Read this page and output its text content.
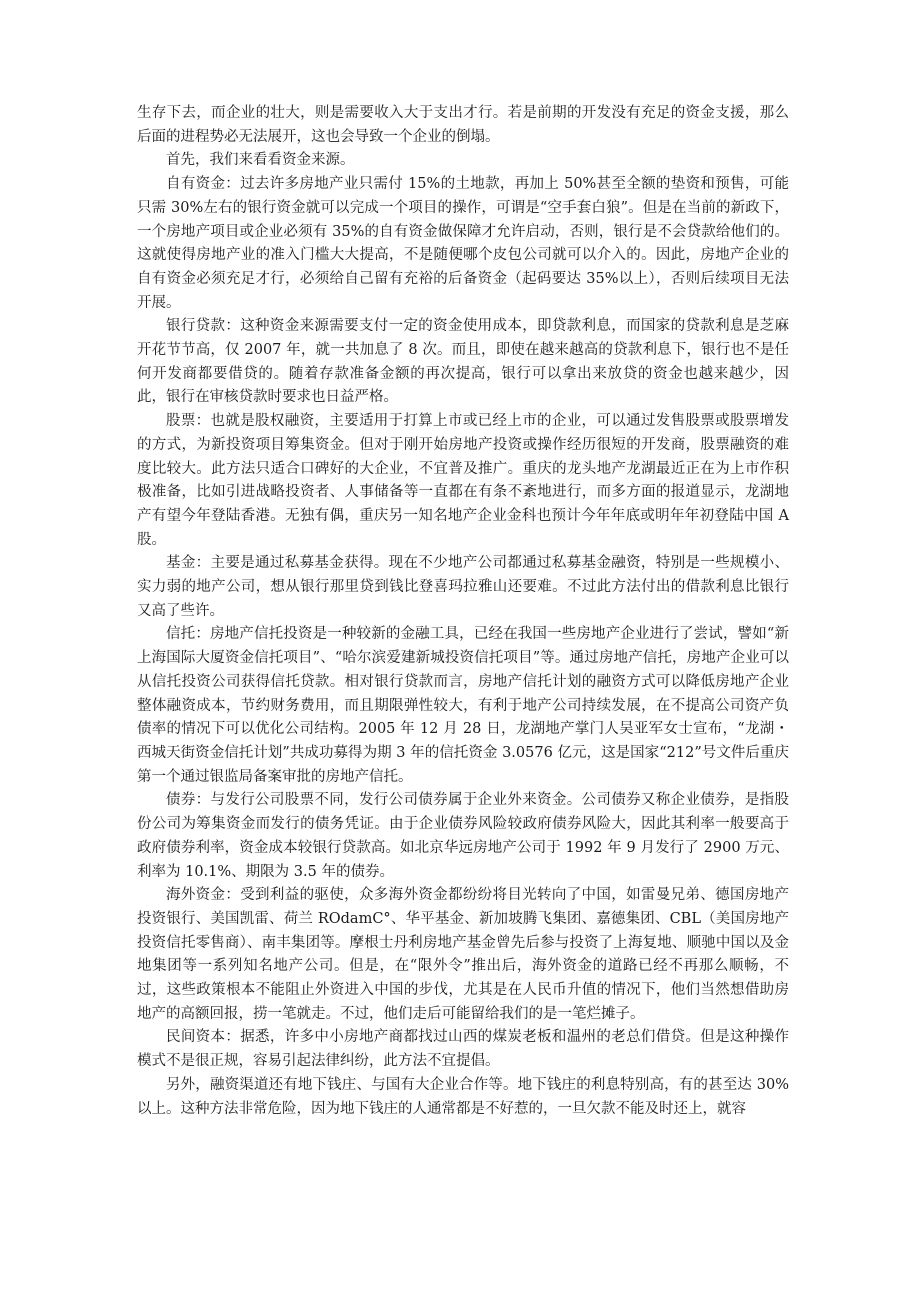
生存下去，而企业的壮大，则是需要收入大于支出才行。若是前期的开发没有充足的资金支援，那么后面的进程势必无法展开，这也会导致一个企业的倒塌。

首先，我们来看看资金来源。

自有资金：过去许多房地产业只需付 15%的土地款，再加上 50%甚至全额的垫资和预售，可能只需 30%左右的银行资金就可以完成一个项目的操作，可谓是“空手套白狼”。但是在当前的新政下，一个房地产项目或企业必须有 35%的自有资金做保障才允许启动，否则，银行是不会贷款给他们的。这就使得房地产业的准入门槛大大提高，不是随便哪个皮包公司就可以介入的。因此，房地产企业的自有资金必须充足才行，必须给自己留有充裕的后备资金（起码要达 35%以上），否则后续项目无法开展。

银行贷款：这种资金来源需要支付一定的资金使用成本，即贷款利息，而国家的贷款利息是芝麻开花节节高，仅 2007 年，就一共加息了 8 次。而且，即使在越来越高的贷款利息下，银行也不是任何开发商都要借贷的。随着存款准备金额的再次提高，银行可以拿出来放贷的资金也越来越少，因此，银行在审核贷款时要求也日益严格。

股票：也就是股权融资，主要适用于打算上市或已经上市的企业，可以通过发售股票或股票增发的方式，为新投资项目筹集资金。但对于刚开始房地产投资或操作经历很短的开发商，股票融资的难度比较大。此方法只适合口碑好的大企业，不宜普及推广。重庆的龙头地产龙湖最近正在为上市作积极准备，比如引进战略投资者、人事储备等一直都在有条不紊地进行，而多方面的报道显示，龙湖地产有望今年登陆香港。无独有偶，重庆另一知名地产企业金科也预计今年年底或明年年初登陆中国 A 股。

基金：主要是通过私募基金获得。现在不少地产公司都通过私募基金融资，特别是一些规模小、实力弱的地产公司，想从银行那里贷到钱比登喜玛拉雅山还要难。不过此方法付出的借款利息比银行又高了些许。

信托：房地产信托投资是一种较新的金融工具，已经在我国一些房地产企业进行了尝试，譬如“新上海国际大厦资金信托项目”、“哈尔滨爱建新城投资信托项目”等。通过房地产信托，房地产企业可以从信托投资公司获得信托贷款。相对银行贷款而言，房地产信托计划的融资方式可以降低房地产企业整体融资成本，节约财务费用，而且期限弹性较大，有利于地产公司持续发展，在不提高公司资产负债率的情况下可以优化公司结构。2005 年 12 月 28 日，龙湖地产掌门人吴亚军女士宣布，“龙湖・西城天街资金信托计划”共成功募得为期 3 年的信托资金 3.0576 亿元，这是国家“212”号文件后重庆第一个通过银监局备案审批的房地产信托。

债券：与发行公司股票不同，发行公司债券属于企业外来资金。公司债券又称企业债券，是指股份公司为筹集资金而发行的债务凭证。由于企业债券风险较政府债券风险大，因此其利率一般要高于政府债券利率，资金成本较银行贷款高。如北京华远房地产公司于 1992 年 9 月发行了 2900 万元、利率为 10.1%、期限为 3.5 年的债券。

海外资金：受到利益的驱使，众多海外资金都纷纷将目光转向了中国，如雷曼兄弟、德国房地产投资银行、美国凯雷、荷兰 ROdamC°、华平基金、新加坡腾飞集团、嘉德集团、CBL（美国房地产投资信托零售商）、南丰集团等。摩根士丹利房地产基金曾先后参与投资了上海复地、顺驰中国以及金地集团等一系列知名地产公司。但是，在“限外令”推出后，海外资金的道路已经不再那么顺畅，不过，这些政策根本不能阻止外资进入中国的步伐，尤其是在人民币升值的情况下，他们当然想借助房地产的高额回报，捞一笔就走。不过，他们走后可能留给我们的是一笔烂摊子。

民间资本：据悉，许多中小房地产商都找过山西的煤炭老板和温州的老总们借贷。但是这种操作模式不是很正规，容易引起法律纠纷，此方法不宜提倡。

另外，融资渠道还有地下钱庄、与国有大企业合作等。地下钱庄的利息特别高，有的甚至达 30%以上。这种方法非常危险，因为地下钱庄的人通常都是不好惹的，一旦欠款不能及时还上，就容
